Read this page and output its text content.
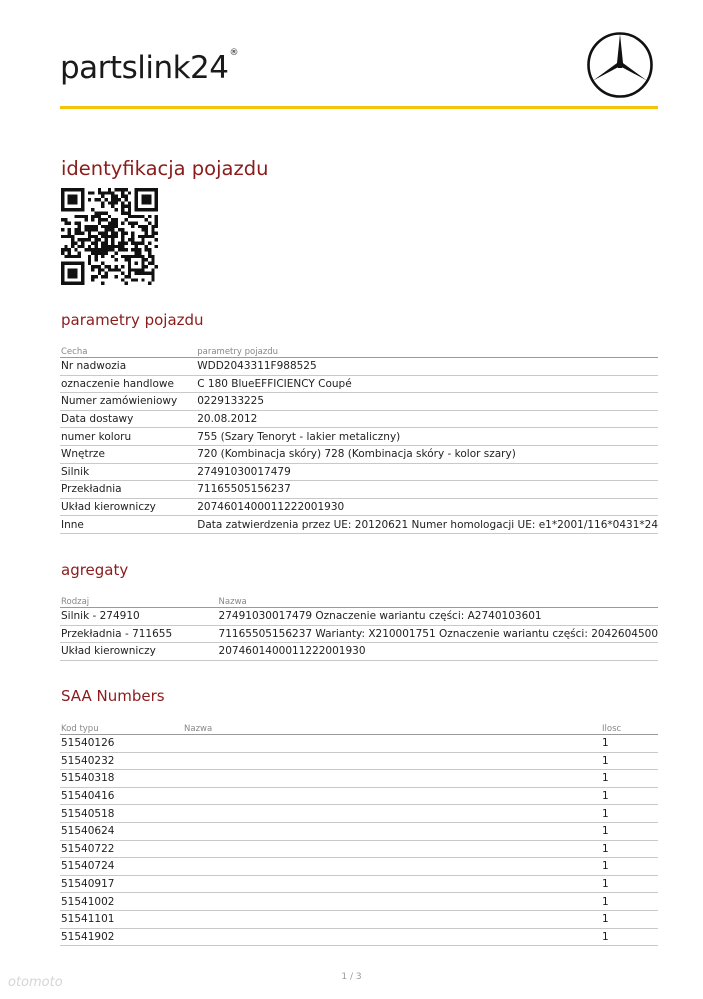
partslink24®
identyfikacja pojazdu
parametry pojazdu
Cecha	parametry pojazdu
Nr nadwozia	WDD2043311F988525
oznaczenie handlowe	C 180 BlueEFFICIENCY Coupé
Numer zamówieniowy	0229133225
Data dostawy	20.08.2012
numer koloru	755 (Szary Tenoryt - lakier metaliczny)
Wnętrze	720 (Kombinacja skóry) 728 (Kombinacja skóry - kolor szary)
Silnik	27491030017479
Przekładnia	71165505156237
Układ kierowniczy	2074601400011222001930
Inne	Data zatwierdzenia przez UE: 20120621 Numer homologacji UE: e1*2001/116*0431*24
agregaty
Rodzaj	Nazwa
Silnik - 274910	27491030017479 Oznaczenie wariantu części: A2740103601
Przekładnia - 711655	71165505156237 Warianty: X210001751 Oznaczenie wariantu części: 2042604500
Układ kierowniczy	2074601400011222001930
SAA Numbers
Kod typu	Nazwa	Ilosc
51540126		1
51540232		1
51540318		1
51540416		1
51540518		1
51540624		1
51540722		1
51540724		1
51540917		1
51541002		1
51541101		1
51541902		1
1 / 3
otomoto
